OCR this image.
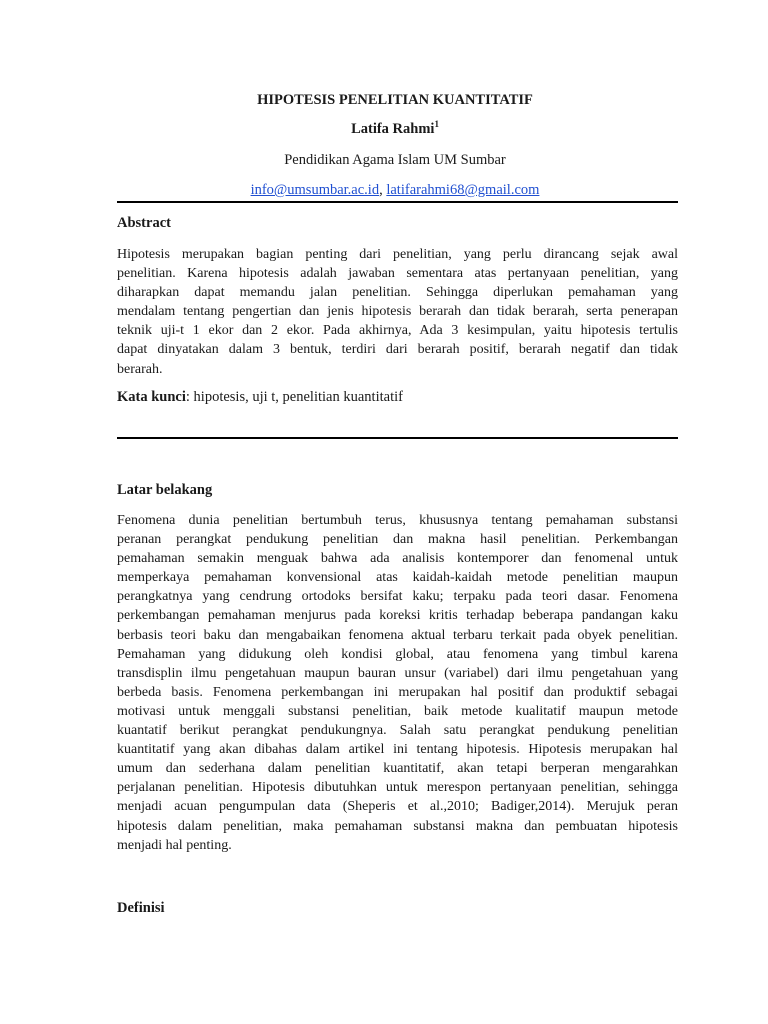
HIPOTESIS PENELITIAN KUANTITATIF
Latifa Rahmi$^1$
Pendidikan Agama Islam UM Sumbar
info@umsumbar.ac.id, latifarahmi68@gmail.com
Abstract
Hipotesis merupakan bagian penting dari penelitian, yang perlu dirancang sejak awal
penelitian. Karena hipotesis adalah jawaban sementara atas pertanyaan penelitian, yang
diharapkan dapat memandu jalan penelitian. Sehingga diperlukan pemahaman yang
mendalam tentang pengertian dan jenis hipotesis berarah dan tidak berarah, serta penerapan
teknik uji-t 1 ekor dan 2 ekor. Pada akhirnya, Ada 3 kesimpulan, yaitu hipotesis tertulis
dapat dinyatakan dalam 3 bentuk, terdiri dari berarah positif, berarah negatif dan tidak
berarah.
Kata kunci: hipotesis, uji t, penelitian kuantitatif
Latar belakang
Fenomena dunia penelitian bertumbuh terus, khususnya tentang pemahaman substansi
peranan perangkat pendukung penelitian dan makna hasil penelitian. Perkembangan
pemahaman semakin menguak bahwa ada analisis kontemporer dan fenomenal untuk
memperkaya pemahaman konvensional atas kaidah-kaidah metode penelitian maupun
perangkatnya yang cendrung ortodoks bersifat kaku; terpaku pada teori dasar. Fenomena
perkembangan pemahaman menjurus pada koreksi kritis terhadap beberapa pandangan kaku
berbasis teori baku dan mengabaikan fenomena aktual terbaru terkait pada obyek penelitian.
Pemahaman yang didukung oleh kondisi global, atau fenomena yang timbul karena
transdisplin ilmu pengetahuan maupun bauran unsur (variabel) dari ilmu pengetahuan yang
berbeda basis. Fenomena perkembangan ini merupakan hal positif dan produktif sebagai
motivasi untuk menggali substansi penelitian, baik metode kualitatif maupun metode
kuantatif berikut perangkat pendukungnya. Salah satu perangkat pendukung penelitian
kuantitatif yang akan dibahas dalam artikel ini tentang hipotesis. Hipotesis merupakan hal
umum dan sederhana dalam penelitian kuantitatif, akan tetapi berperan mengarahkan
perjalanan penelitian. Hipotesis dibutuhkan untuk merespon pertanyaan penelitian, sehingga
menjadi acuan pengumpulan data (Sheperis et al.,2010; Badiger,2014). Merujuk peran
hipotesis dalam penelitian, maka pemahaman substansi makna dan pembuatan hipotesis
menjadi hal penting.
Definisi
